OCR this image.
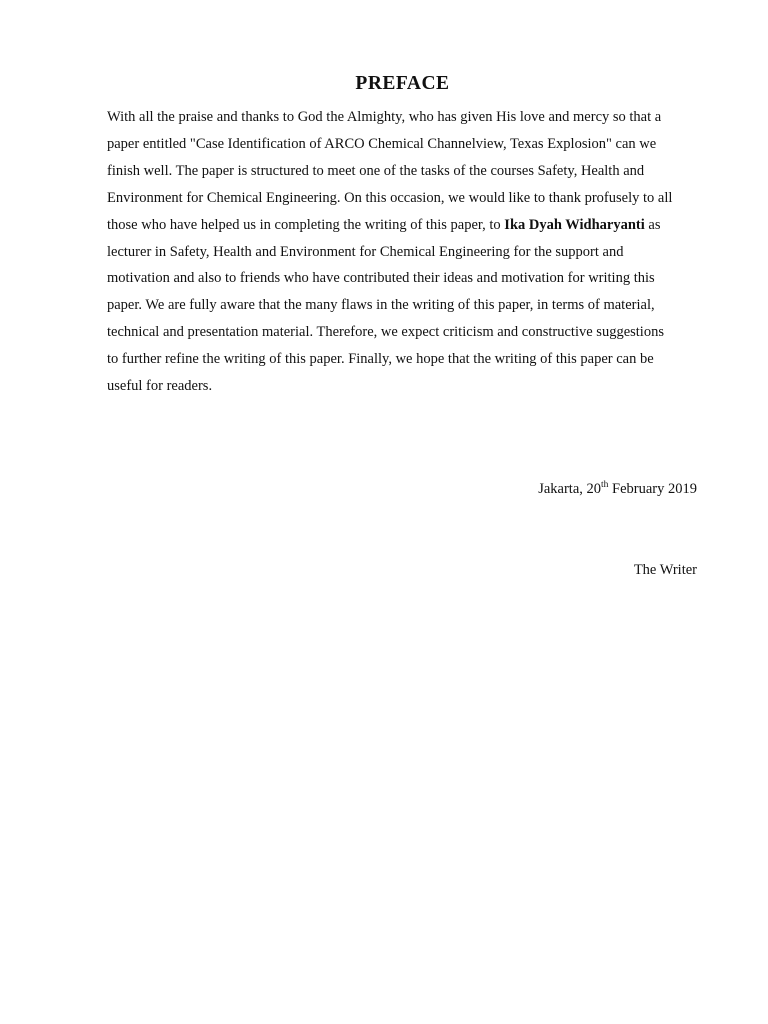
PREFACE
With all the praise and thanks to God the Almighty, who has given His love and mercy so that a
paper entitled "Case Identification of ARCO Chemical Channelview, Texas Explosion" can we
finish well. The paper is structured to meet one of the tasks of the courses Safety, Health and
Environment for Chemical Engineering. On this occasion, we would like to thank profusely to all
those who have helped us in completing the writing of this paper, to Ika Dyah Widharyanti as
lecturer in Safety, Health and Environment for Chemical Engineering for the support and
motivation and also to friends who have contributed their ideas and motivation for writing this
paper. We are fully aware that the many flaws in the writing of this paper, in terms of material,
technical and presentation material. Therefore, we expect criticism and constructive suggestions
to further refine the writing of this paper. Finally, we hope that the writing of this paper can be
useful for readers.
Jakarta, 20th February 2019
The Writer
